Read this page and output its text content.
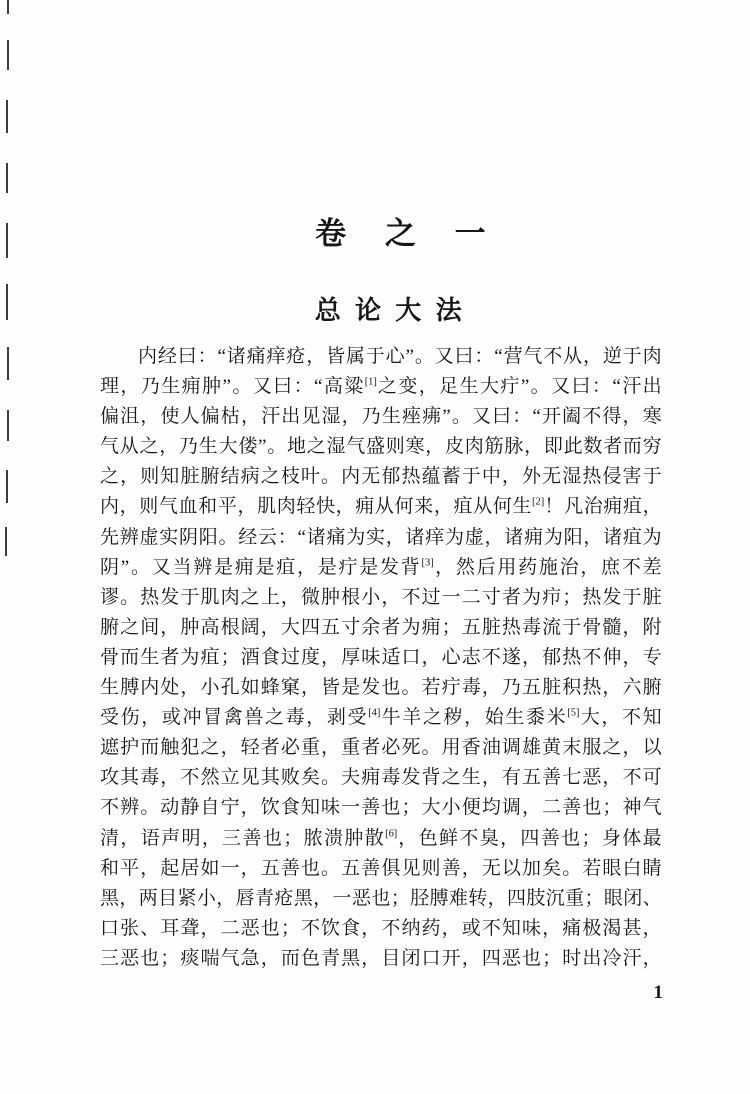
卷之一
总论大法
内经曰：“诸痛痒疮，皆属于心”。又曰：“营气不从，逆于肉
理，乃生痈肿”。又曰：“高粱[1]之变，足生大疔”。又曰：“汗出
偏沮，使人偏枯，汗出见湿，乃生痤疿”。又曰：“开阖不得，寒
气从之，乃生大偻”。地之湿气盛则寒，皮肉筋脉，即此数者而穷
之，则知脏腑结病之枝叶。内无郁热蕴蓄于中，外无湿热侵害于
内，则气血和平，肌肉轻快，痈从何来，疽从何生[2]！凡治痈疽，
先辨虚实阴阳。经云：“诸痛为实，诸痒为虚，诸痈为阳，诸疽为
阴”。又当辨是痈是疽，是疔是发背[3]，然后用药施治，庶不差
谬。热发于肌肉之上，微肿根小，不过一二寸者为疖；热发于脏
腑之间，肿高根阔，大四五寸余者为痈；五脏热毒流于骨髓，附
骨而生者为疽；酒食过度，厚味适口，心志不遂，郁热不伸，专
生膊内处，小孔如蜂窠，皆是发也。若疔毒，乃五脏积热，六腑
受伤，或冲冒禽兽之毒，剥受[4]牛羊之秽，始生黍米[5]大，不知
遮护而触犯之，轻者必重，重者必死。用香油调雄黄末服之，以
攻其毒，不然立见其败矣。夫痈毒发背之生，有五善七恶，不可
不辨。动静自宁，饮食知味一善也；大小便均调，二善也；神气
清，语声明，三善也；脓溃肿散[6]，色鲜不臭，四善也；身体最
和平，起居如一，五善也。五善俱见则善，无以加矣。若眼白睛
黑，两目紧小，唇青疮黑，一恶也；胫膊难转，四肢沉重；眼闭、
口张、耳聋，二恶也；不饮食，不纳药，或不知味，痛极渴甚，
三恶也；痰喘气急，而色青黑，目闭口开，四恶也；时出冷汗，
1
